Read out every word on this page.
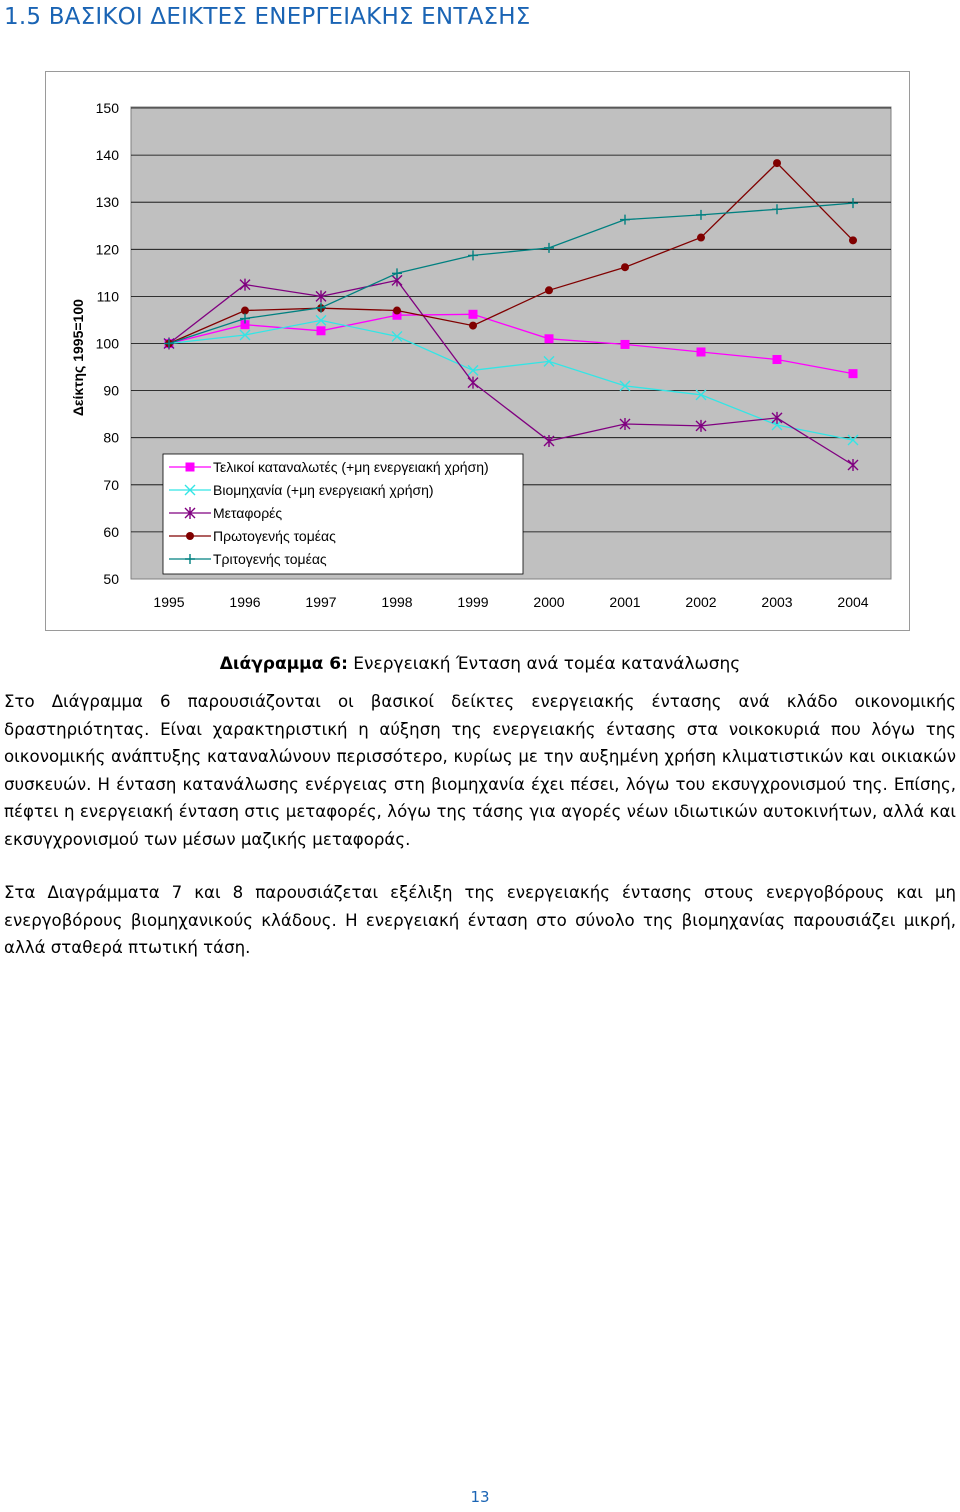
1.5 ΒΑΣΙΚΟΙ ΔΕΙΚΤΕΣ ΕΝΕΡΓΕΙΑΚΗΣ ΕΝΤΑΣΗΣ
50
60
70
80
90
100
110
120
130
140
150
1995	1996	1997	1998	1999	2000	2001	2002	2003	2004
Δείκτης 1995=100
Τελικοί καταναλωτές (+μη ενεργειακή χρήση)
Βιομηχανία (+μη ενεργειακή χρήση)
Μεταφορές
Πρωτογενής τομέας
Τριτογενής τομέας
Διάγραμμα 6: Ενεργειακή Ένταση ανά τομέα κατανάλωσης

Στο Διάγραμμα 6 παρουσιάζονται οι βασικοί δείκτες ενεργειακής έντασης ανά κλάδο οικονομικής δραστηριότητας. Είναι χαρακτηριστική η αύξηση της ενεργειακής έντασης στα νοικοκυριά που λόγω της οικονομικής ανάπτυξης καταναλώνουν περισσότερο, κυρίως με την αυξημένη χρήση κλιματιστικών και οικιακών συσκευών. Η ένταση κατανάλωσης ενέργειας στη βιομηχανία έχει πέσει, λόγω του εκσυγχρονισμού της. Επίσης, πέφτει η ενεργειακή ένταση στις μεταφορές, λόγω της τάσης για αγορές νέων ιδιωτικών αυτοκινήτων, αλλά και εκσυγχρονισμού των μέσων μαζικής μεταφοράς.

Στα Διαγράμματα 7 και 8 παρουσιάζεται εξέλιξη της ενεργειακής έντασης στους ενεργοβόρους και μη ενεργοβόρους βιομηχανικούς κλάδους. Η ενεργειακή ένταση στο σύνολο της βιομηχανίας παρουσιάζει μικρή, αλλά σταθερά πτωτική τάση.

13
